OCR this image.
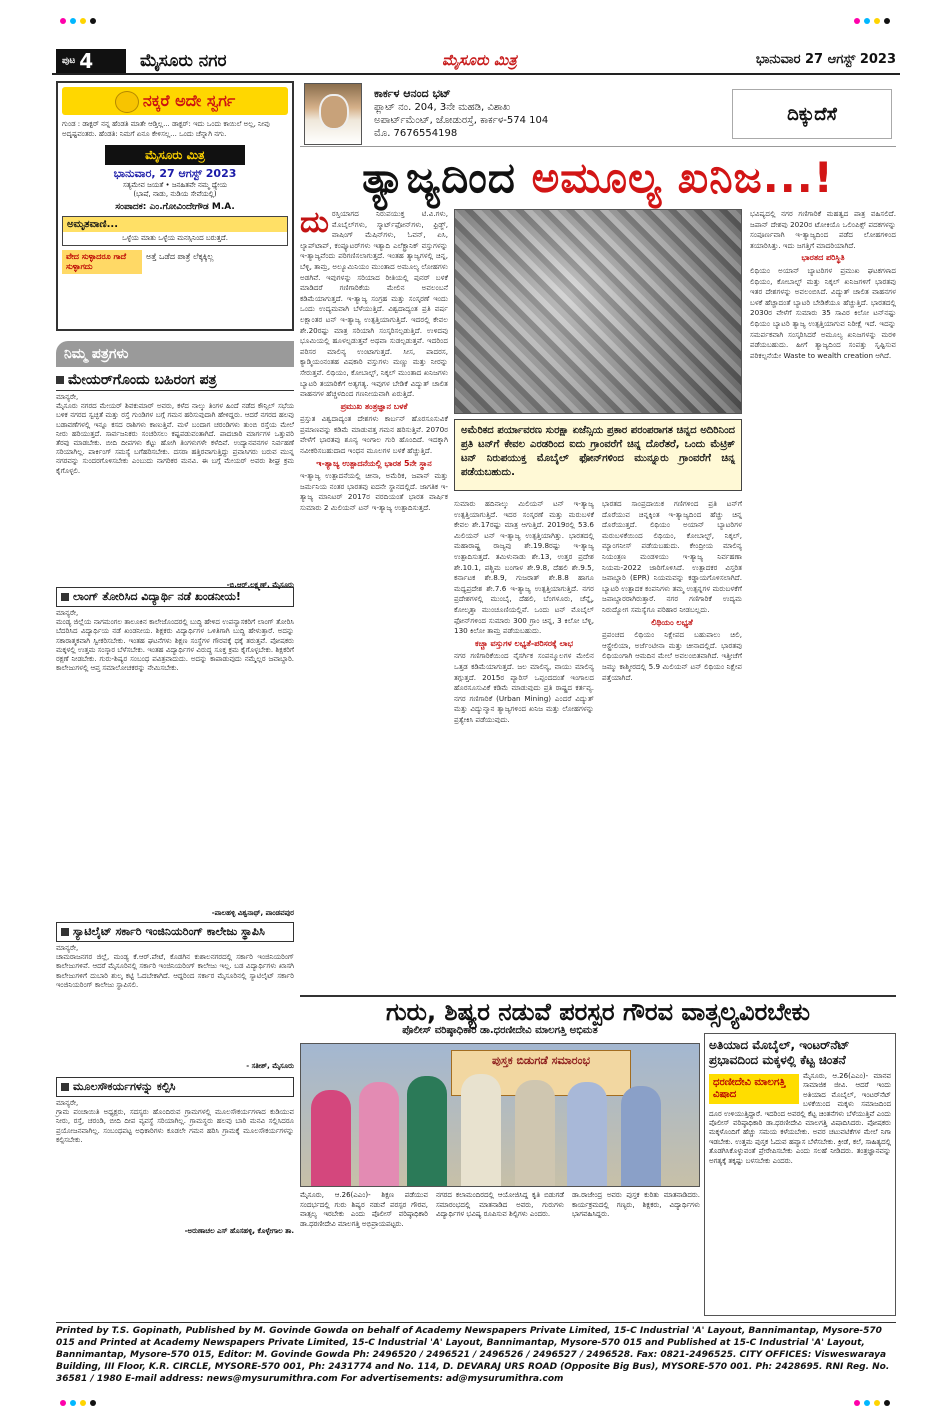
$^{ಪುಟ}$ 4	ಮೈಸೂರು ನಗರ	ಮೈಸೂರು ಮಿತ್ರ	ಭಾನುವಾರ 27 ಆಗಸ್ಟ್ 2023
ನಕ್ಕರೆ ಅದೇ ಸ್ವರ್ಗ
ಗುಂಡ : ಡಾಕ್ಟರ್ ನನ್ನ ಹೆಂಡತಿ ಮಾತೇ ಆಡ್ತಿಲ್ಲ... ಡಾಕ್ಟರ್: ಇದು ಒಂದು ಕಾಯಿಲೆ ಅಲ್ಲ, ನೀವು ಅದೃಷ್ಟವಂತರು. ಹೆಂಡತಿ: ನಿಮಗೆ ಏನೂ ಕೇಳಿಸಲ್ಲ... ಒಂದು ಚೆನ್ನಾಗಿ ನಗು.
ಮೈಸೂರು ಮಿತ್ರ
ಭಾನುವಾರ, 27 ಆಗಸ್ಟ್ 2023
ಸತ್ಯಮೇವ ಜಯತೆ • ಜನಹಿತವೇ ನಮ್ಮ ಧ್ಯೇಯ
(ಭಾಷೆ, ನಾಡು, ನುಡಿಯ ಸೇವೆಯಲ್ಲಿ)
ಸಂಪಾದಕ: ಎಂ.ಗೋವಿಂದೇಗೌಡ M.A.
ಅಮೃತವಾಣಿ...
ಒಳ್ಳೆಯ ಮಾತು ಒಳ್ಳೆಯ ಮನಸ್ಸಿನಿಂದ ಬರುತ್ತದೆ.
ವೇದ ಸುಳ್ಳಾದರೂ ಗಾದೆ ಸುಳ್ಳಾಗದು
ಅತ್ತೆ ಒಡೆದ ಪಾತ್ರೆ ಲೆಕ್ಕಕ್ಕಿಲ್ಲ
ನಿಮ್ಮ ಪತ್ರಗಳು
ಮೇಯರ್‌ಗೊಂದು ಬಹಿರಂಗ ಪತ್ರ
ಮಾನ್ಯರೇ,
ಮೈಸೂರು ನಗರದ ಮೇಯರ್ ಶಿವಕುಮಾರ್ ಅವರು, ಕಳೆದ ನಾಲ್ಕು ತಿಂಗಳ ಹಿಂದೆ ನಡೆದ ಕೌನ್ಸಿಲ್ ಸಭೆಯ ಬಳಿಕ ನಗರದ ಸ್ವಚ್ಛತೆ ಮತ್ತು ರಸ್ತೆ ಗುಂಡಿಗಳ ಬಗ್ಗೆ ಗಮನ ಹರಿಸುವುದಾಗಿ ಹೇಳಿದ್ದರು. ಆದರೆ ನಗರದ ಹಲವು ಬಡಾವಣೆಗಳಲ್ಲಿ ಇನ್ನೂ ಕಸದ ರಾಶಿಗಳು ಕಾಣುತ್ತಿವೆ. ಮಳೆ ಬಂದಾಗ ಚರಂಡಿಗಳು ತುಂಬಿ ರಸ್ತೆಯ ಮೇಲೆ ನೀರು ಹರಿಯುತ್ತದೆ. ಸಾರ್ವಜನಿಕರು ಸಂಚರಿಸಲು ಕಷ್ಟಪಡುವಂತಾಗಿದೆ. ಪಾದಚಾರಿ ಮಾರ್ಗಗಳ ಒತ್ತುವರಿ ತೆರವು ಮಾಡಬೇಕು. ಬೀದಿ ದೀಪಗಳು ಕೆಟ್ಟು ಹೋಗಿ ತಿಂಗಳುಗಳೇ ಕಳೆದಿವೆ. ಉದ್ಯಾನವನಗಳ ನಿರ್ವಹಣೆ ಸರಿಯಾಗಿಲ್ಲ. ಪಾರ್ಕಿಂಗ್ ಸಮಸ್ಯೆ ಬಗೆಹರಿಸಬೇಕು. ದಸರಾ ಹತ್ತಿರವಾಗುತ್ತಿದ್ದು ಪ್ರವಾಸಿಗರು ಬರುವ ಮುನ್ನ ನಗರವನ್ನು ಸುಂದರಗೊಳಿಸಬೇಕು ಎಂಬುದು ನಾಗರಿಕರ ಮನವಿ. ಈ ಬಗ್ಗೆ ಮೇಯರ್ ಅವರು ಶೀಘ್ರ ಕ್ರಮ ಕೈಗೊಳ್ಳಲಿ.
-ಬಿ.ಆರ್.ಲಕ್ಷ್ಮಣ್, ಮೈಸೂರು
ಲಾಂಗ್ ತೋರಿಸಿದ ವಿದ್ಯಾರ್ಥಿ ನಡೆ ಖಂಡನೀಯ!
ಮಾನ್ಯರೇ,
ಮಂಡ್ಯ ಜಿಲ್ಲೆಯ ನಾಗಮಂಗಲ ತಾಲೂಕಿನ ಕಾಲೇಜೊಂದರಲ್ಲಿ ಬುದ್ಧಿ ಹೇಳಿದ ಉಪನ್ಯಾಸಕರಿಗೆ ಲಾಂಗ್ ತೋರಿಸಿ ಬೆದರಿಸಿದ ವಿದ್ಯಾರ್ಥಿಯ ನಡೆ ಖಂಡನೀಯ. ಶಿಕ್ಷಕರು ವಿದ್ಯಾರ್ಥಿಗಳ ಒಳಿತಿಗಾಗಿ ಬುದ್ಧಿ ಹೇಳುತ್ತಾರೆ. ಅದನ್ನು ಸಕಾರಾತ್ಮಕವಾಗಿ ಸ್ವೀಕರಿಸಬೇಕು. ಇಂತಹ ಘಟನೆಗಳು ಶಿಕ್ಷಣ ಸಂಸ್ಥೆಗಳ ಗೌರವಕ್ಕೆ ಧಕ್ಕೆ ತರುತ್ತವೆ. ಪೋಷಕರು ಮಕ್ಕಳಲ್ಲಿ ಉತ್ತಮ ಸಂಸ್ಕಾರ ಬೆಳೆಸಬೇಕು. ಇಂತಹ ವಿದ್ಯಾರ್ಥಿಗಳ ವಿರುದ್ಧ ಸೂಕ್ತ ಕ್ರಮ ಕೈಗೊಳ್ಳಬೇಕು. ಶಿಕ್ಷಕರಿಗೆ ರಕ್ಷಣೆ ನೀಡಬೇಕು. ಗುರು-ಶಿಷ್ಯರ ಸಂಬಂಧ ಪವಿತ್ರವಾದುದು. ಅದನ್ನು ಕಾಪಾಡುವುದು ನಮ್ಮೆಲ್ಲರ ಜವಾಬ್ದಾರಿ. ಕಾಲೇಜುಗಳಲ್ಲಿ ಆಪ್ತ ಸಮಾಲೋಚಕರನ್ನು ನೇಮಿಸಬೇಕು.
-ಪಾಲಹಳ್ಳಿ ವಿಶ್ವನಾಥ್, ಪಾಂಡವಪುರ
ಸ್ಯಾಟಿಲೈಟ್ ಸರ್ಕಾರಿ ಇಂಜಿನಿಯರಿಂಗ್ ಕಾಲೇಜು ಸ್ಥಾಪಿಸಿ
ಮಾನ್ಯರೇ,
ಚಾಮರಾಜನಗರ ಜಿಲ್ಲೆ, ಮಂಡ್ಯ ಕೆ.ಆರ್.ಪೇಟೆ, ಕೊಡಗಿನ ಕುಶಾಲನಗರದಲ್ಲಿ ಸರ್ಕಾರಿ ಇಂಜಿನಿಯರಿಂಗ್ ಕಾಲೇಜುಗಳಿವೆ. ಆದರೆ ಮೈಸೂರಿನಲ್ಲಿ ಸರ್ಕಾರಿ ಇಂಜಿನಿಯರಿಂಗ್ ಕಾಲೇಜು ಇಲ್ಲ. ಬಡ ವಿದ್ಯಾರ್ಥಿಗಳು ಖಾಸಗಿ ಕಾಲೇಜುಗಳಿಗೆ ದುಬಾರಿ ಶುಲ್ಕ ಕಟ್ಟಿ ಓದಬೇಕಾಗಿದೆ. ಆದ್ದರಿಂದ ಸರ್ಕಾರ ಮೈಸೂರಿನಲ್ಲಿ ಸ್ಯಾಟಿಲೈಟ್ ಸರ್ಕಾರಿ ಇಂಜಿನಿಯರಿಂಗ್ ಕಾಲೇಜು ಸ್ಥಾಪಿಸಲಿ.
- ಸತೀಶ್, ಮೈಸೂರು
ಮೂಲಸೌಕರ್ಯಗಳನ್ನು ಕಲ್ಪಿಸಿ
ಮಾನ್ಯರೇ,
ಗ್ರಾಮ ಪಂಚಾಯಿತಿ ಅಧ್ಯಕ್ಷರು, ಸದಸ್ಯರು ಹೊಂದಿರುವ ಗ್ರಾಮಗಳಲ್ಲಿ ಮೂಲಸೌಕರ್ಯಗಳಾದ ಕುಡಿಯುವ ನೀರು, ರಸ್ತೆ, ಚರಂಡಿ, ಬೀದಿ ದೀಪ ವ್ಯವಸ್ಥೆ ಸರಿಯಾಗಿಲ್ಲ. ಗ್ರಾಮಸ್ಥರು ಹಲವು ಬಾರಿ ಮನವಿ ಸಲ್ಲಿಸಿದರೂ ಪ್ರಯೋಜನವಾಗಿಲ್ಲ. ಸಂಬಂಧಪಟ್ಟ ಅಧಿಕಾರಿಗಳು ಕೂಡಲೇ ಗಮನ ಹರಿಸಿ ಗ್ರಾಮಕ್ಕೆ ಮೂಲಸೌಕರ್ಯಗಳನ್ನು ಕಲ್ಪಿಸಬೇಕು.
-ಅರುಣಾಚಲ ಎಸ್ ಹೊಸಹಳ್ಳಿ, ಕೊಳ್ಳೇಗಾಲ ತಾ.
ಕಾರ್ಕಳ ಆನಂದ ಭಟ್
ಫ್ಲಾಟ್ ನಂ. 204, 3ನೇ ಮಹಡಿ, ವಿಶಾಖ
ಅಪಾರ್ಟ್‌ಮೆಂಟ್, ಜೋಡುರಸ್ತೆ, ಕಾರ್ಕಳ-574 104
ಮೊ. 7676554198
ದಿಕ್ಕುದೆಸೆ
ತ್ಯಾಜ್ಯದಿಂದ ಅಮೂಲ್ಯ ಖನಿಜ...!
ದು ರಸ್ತಿಯಾಗದ ನಿರುಪಯುಕ್ತ ಟಿ.ವಿ.ಗಳು, ಮೊಬೈಲ್‌ಗಳು, ಸ್ಮಾರ್ಟ್‌ಫೋನ್‌ಗಳು, ಫ್ರಿಡ್ಜ್, ವಾಷಿಂಗ್ ಮೆಷಿನ್‌ಗಳು, ಓವನ್, ಏಸಿ, ಲ್ಯಾಪ್‌ಟಾಪ್, ಕಂಪ್ಯೂಟರ್‌ಗಳು ಇತ್ಯಾದಿ ಎಲೆಕ್ಟ್ರಾನಿಕ್ ವಸ್ತುಗಳನ್ನು ಇ-ತ್ಯಾಜ್ಯವೆಂದು ಪರಿಗಣಿಸಲಾಗುತ್ತದೆ. ಇಂತಹ ತ್ಯಾಜ್ಯಗಳಲ್ಲಿ ಚಿನ್ನ, ಬೆಳ್ಳಿ, ತಾಮ್ರ, ಅಲ್ಯೂಮಿನಿಯಂ ಮುಂತಾದ ಅಮೂಲ್ಯ ಲೋಹಗಳು ಅಡಗಿವೆ. ಇವುಗಳನ್ನು ಸರಿಯಾದ ರೀತಿಯಲ್ಲಿ ಪುನರ್ ಬಳಕೆ ಮಾಡಿದರೆ ಗಣಿಗಾರಿಕೆಯ ಮೇಲಿನ ಅವಲಂಬನೆ ಕಡಿಮೆಯಾಗುತ್ತದೆ. ಇ-ತ್ಯಾಜ್ಯ ಸಂಗ್ರಹ ಮತ್ತು ಸಂಸ್ಕರಣೆ ಇಂದು ಒಂದು ಉದ್ಯಮವಾಗಿ ಬೆಳೆಯುತ್ತಿದೆ. ವಿಶ್ವದಾದ್ಯಂತ ಪ್ರತಿ ವರ್ಷ ಲಕ್ಷಾಂತರ ಟನ್ ಇ-ತ್ಯಾಜ್ಯ ಉತ್ಪತ್ತಿಯಾಗುತ್ತಿದೆ. ಇದರಲ್ಲಿ ಕೇವಲ ಶೇ.20ರಷ್ಟು ಮಾತ್ರ ಸರಿಯಾಗಿ ಸಂಸ್ಕರಿಸಲ್ಪಡುತ್ತಿದೆ. ಉಳಿದವು ಭೂಮಿಯಲ್ಲಿ ಹೂಳಲ್ಪಡುತ್ತವೆ ಅಥವಾ ಸುಡಲ್ಪಡುತ್ತವೆ. ಇದರಿಂದ ಪರಿಸರ ಮಾಲಿನ್ಯ ಉಂಟಾಗುತ್ತದೆ. ಸೀಸ, ಪಾದರಸ, ಕ್ಯಾಡ್ಮಿಯಂನಂತಹ ವಿಷಕಾರಿ ವಸ್ತುಗಳು ಮಣ್ಣು ಮತ್ತು ನೀರನ್ನು ಸೇರುತ್ತವೆ. ಲಿಥಿಯಂ, ಕೋಬಾಲ್ಟ್, ನಿಕ್ಕಲ್ ಮುಂತಾದ ಖನಿಜಗಳು ಬ್ಯಾಟರಿ ತಯಾರಿಕೆಗೆ ಅತ್ಯಗತ್ಯ. ಇವುಗಳ ಬೇಡಿಕೆ ವಿದ್ಯುತ್ ಚಾಲಿತ ವಾಹನಗಳ ಹೆಚ್ಚಳದಿಂದ ಗಣನೀಯವಾಗಿ ಏರುತ್ತಿದೆ.

ಪ್ರಮುಖ ತಂತ್ರಜ್ಞಾನ ಬಳಕೆ

ಪ್ರಸ್ತುತ ವಿಶ್ವದಾದ್ಯಂತ ದೇಶಗಳು ಕಾರ್ಬನ್ ಹೊರಸೂಸುವಿಕೆ ಪ್ರಮಾಣವನ್ನು ಕಡಿಮೆ ಮಾಡುವತ್ತ ಗಮನ ಹರಿಸುತ್ತಿವೆ. 2070ರ ವೇಳೆಗೆ ಭಾರತವು ಶೂನ್ಯ ಇಂಗಾಲ ಗುರಿ ಹೊಂದಿದೆ. ಇದಕ್ಕಾಗಿ ನವೀಕರಿಸಬಹುದಾದ ಇಂಧನ ಮೂಲಗಳ ಬಳಕೆ ಹೆಚ್ಚುತ್ತಿದೆ.

ಇ-ತ್ಯಾಜ್ಯ ಉತ್ಪಾದನೆಯಲ್ಲಿ ಭಾರತ 5ನೇ ಸ್ಥಾನ

ಇ-ತ್ಯಾಜ್ಯ ಉತ್ಪಾದನೆಯಲ್ಲಿ ಚೀನಾ, ಅಮೆರಿಕ, ಜಪಾನ್ ಮತ್ತು ಜರ್ಮನಿಯ ನಂತರ ಭಾರತವು ಐದನೇ ಸ್ಥಾನದಲ್ಲಿದೆ. ಜಾಗತಿಕ ಇ-ತ್ಯಾಜ್ಯ ಮಾನಿಟರ್ 2017ರ ವರದಿಯಂತೆ ಭಾರತ ವಾರ್ಷಿಕ ಸುಮಾರು 2 ಮಿಲಿಯನ್ ಟನ್ ಇ-ತ್ಯಾಜ್ಯ ಉತ್ಪಾದಿಸುತ್ತದೆ.

ಅಮೆರಿಕದ ಪರ್ಯಾವರಣ ಸುರಕ್ಷಾ ಏಜೆನ್ಸಿಯ ಪ್ರಕಾರ ಪರಂಪರಾಗತ ಚಿನ್ನದ ಅದಿರಿನಿಂದ ಪ್ರತಿ ಟನ್‌ಗೆ ಕೇವಲ ಎರಡರಿಂದ ಐದು ಗ್ರಾಂವರೆಗೆ ಚಿನ್ನ ದೊರೆತರೆ, ಒಂದು ಮೆಟ್ರಿಕ್ ಟನ್ ನಿರುಪಯುಕ್ತ ಮೊಬೈಲ್ ಫೋನ್‌ಗಳಿಂದ ಮುನ್ನೂರು ಗ್ರಾಂವರೆಗೆ ಚಿನ್ನ ಪಡೆಯಬಹುದು.

ಸುಮಾರು ಹದಿನಾಲ್ಕು ಮಿಲಿಯನ್ ಟನ್ ಇ-ತ್ಯಾಜ್ಯ ಉತ್ಪತ್ತಿಯಾಗುತ್ತಿದೆ. ಇದರ ಸಂಸ್ಕರಣೆ ಮತ್ತು ಮರುಬಳಕೆ ಕೇವಲ ಶೇ.17ರಷ್ಟು ಮಾತ್ರ ಆಗುತ್ತಿದೆ. 2019ರಲ್ಲಿ 53.6 ಮಿಲಿಯನ್ ಟನ್ ಇ-ತ್ಯಾಜ್ಯ ಉತ್ಪತ್ತಿಯಾಗಿತ್ತು. ಭಾರತದಲ್ಲಿ ಮಹಾರಾಷ್ಟ್ರ ರಾಜ್ಯವು ಶೇ.19.8ರಷ್ಟು ಇ-ತ್ಯಾಜ್ಯ ಉತ್ಪಾದಿಸುತ್ತದೆ. ತಮಿಳುನಾಡು ಶೇ.13, ಉತ್ತರ ಪ್ರದೇಶ ಶೇ.10.1, ಪಶ್ಚಿಮ ಬಂಗಾಳ ಶೇ.9.8, ದೆಹಲಿ ಶೇ.9.5, ಕರ್ನಾಟಕ ಶೇ.8.9, ಗುಜರಾತ್ ಶೇ.8.8 ಹಾಗೂ ಮಧ್ಯಪ್ರದೇಶ ಶೇ.7.6 ಇ-ತ್ಯಾಜ್ಯ ಉತ್ಪತ್ತಿಯಾಗುತ್ತಿದೆ. ನಗರ ಪ್ರದೇಶಗಳಲ್ಲಿ ಮುಂಬೈ, ದೆಹಲಿ, ಬೆಂಗಳೂರು, ಚೆನ್ನೈ, ಕೋಲ್ಕತ್ತಾ ಮುಂಚೂಣಿಯಲ್ಲಿವೆ. ಒಂದು ಟನ್ ಮೊಬೈಲ್ ಫೋನ್‌ಗಳಿಂದ ಸುಮಾರು 300 ಗ್ರಾಂ ಚಿನ್ನ, 3 ಕಿಲೋ ಬೆಳ್ಳಿ, 130 ಕಿಲೋ ತಾಮ್ರ ಪಡೆಯಬಹುದು.

ಕಚ್ಚಾ ವಸ್ತುಗಳ ಲಭ್ಯತೆ-ಪರಿಸರಕ್ಕೆ ಲಾಭ

ನಗರ ಗಣಿಗಾರಿಕೆಯಿಂದ ನೈಸರ್ಗಿಕ ಸಂಪನ್ಮೂಲಗಳ ಮೇಲಿನ ಒತ್ತಡ ಕಡಿಮೆಯಾಗುತ್ತದೆ. ಜಲ ಮಾಲಿನ್ಯ, ವಾಯು ಮಾಲಿನ್ಯ ತಗ್ಗುತ್ತದೆ. 2015ರ ಪ್ಯಾರಿಸ್ ಒಪ್ಪಂದದಂತೆ ಇಂಗಾಲದ ಹೊರಸೂಸುವಿಕೆ ಕಡಿಮೆ ಮಾಡುವುದು ಪ್ರತಿ ರಾಷ್ಟ್ರದ ಕರ್ತವ್ಯ. ನಗರ ಗಣಿಗಾರಿಕೆ (Urban Mining) ಎಂದರೆ ವಿದ್ಯುತ್ ಮತ್ತು ವಿದ್ಯುನ್ಮಾನ ತ್ಯಾಜ್ಯಗಳಿಂದ ಖನಿಜ ಮತ್ತು ಲೋಹಗಳನ್ನು ಪ್ರತ್ಯೇಕಿಸಿ ಪಡೆಯುವುದು.

ಭಾರತದ ಸಾಂಪ್ರದಾಯಿಕ ಗಣಿಗಳಿಂದ ಪ್ರತಿ ಟನ್‌ಗೆ ದೊರೆಯುವ ಚಿನ್ನಕ್ಕಿಂತ ಇ-ತ್ಯಾಜ್ಯದಿಂದ ಹೆಚ್ಚು ಚಿನ್ನ ದೊರೆಯುತ್ತದೆ. ಲಿಥಿಯಂ ಅಯಾನ್ ಬ್ಯಾಟರಿಗಳ ಮರುಬಳಕೆಯಿಂದ ಲಿಥಿಯಂ, ಕೋಬಾಲ್ಟ್, ನಿಕ್ಕಲ್, ಮ್ಯಾಂಗನೀಸ್ ಪಡೆಯಬಹುದು. ಕೇಂದ್ರೀಯ ಮಾಲಿನ್ಯ ನಿಯಂತ್ರಣ ಮಂಡಳಿಯು ಇ-ತ್ಯಾಜ್ಯ ನಿರ್ವಹಣಾ ನಿಯಮ-2022 ಜಾರಿಗೊಳಿಸಿದೆ. ಉತ್ಪಾದಕರ ವಿಸ್ತರಿತ ಜವಾಬ್ದಾರಿ (EPR) ನಿಯಮವನ್ನು ಕಡ್ಡಾಯಗೊಳಿಸಲಾಗಿದೆ. ಬ್ಯಾಟರಿ ಉತ್ಪಾದಕ ಕಂಪನಿಗಳು ತಮ್ಮ ಉತ್ಪನ್ನಗಳ ಮರುಬಳಕೆಗೆ ಜವಾಬ್ದಾರರಾಗಿರುತ್ತಾರೆ. ನಗರ ಗಣಿಗಾರಿಕೆ ಉದ್ಯಮ ನಿರುದ್ಯೋಗ ಸಮಸ್ಯೆಗೂ ಪರಿಹಾರ ನೀಡಬಲ್ಲದು.

ಲಿಥಿಯಂ ಲಭ್ಯತೆ

ಪ್ರಪಂಚದ ಲಿಥಿಯಂ ನಿಕ್ಷೇಪದ ಬಹುಪಾಲು ಚಿಲಿ, ಆಸ್ಟ್ರೇಲಿಯಾ, ಅರ್ಜೆಂಟೀನಾ ಮತ್ತು ಚೀನಾದಲ್ಲಿದೆ. ಭಾರತವು ಲಿಥಿಯಂಗಾಗಿ ಆಮದಿನ ಮೇಲೆ ಅವಲಂಬಿತವಾಗಿದೆ. ಇತ್ತೀಚೆಗೆ ಜಮ್ಮು ಕಾಶ್ಮೀರದಲ್ಲಿ 5.9 ಮಿಲಿಯನ್ ಟನ್ ಲಿಥಿಯಂ ನಿಕ್ಷೇಪ ಪತ್ತೆಯಾಗಿದೆ.

ಭವಿಷ್ಯದಲ್ಲಿ ನಗರ ಗಣಿಗಾರಿಕೆ ಮಹತ್ವದ ಪಾತ್ರ ವಹಿಸಲಿದೆ. ಜಪಾನ್ ದೇಶವು 2020ರ ಟೋಕಿಯೊ ಒಲಿಂಪಿಕ್ಸ್ ಪದಕಗಳನ್ನು ಸಂಪೂರ್ಣವಾಗಿ ಇ-ತ್ಯಾಜ್ಯದಿಂದ ಪಡೆದ ಲೋಹಗಳಿಂದ ತಯಾರಿಸಿತ್ತು. ಇದು ಜಗತ್ತಿಗೆ ಮಾದರಿಯಾಗಿದೆ.

ಭಾರತದ ಪರಿಸ್ಥಿತಿ

ಲಿಥಿಯಂ ಅಯಾನ್ ಬ್ಯಾಟರಿಗಳ ಪ್ರಮುಖ ಘಟಕಗಳಾದ ಲಿಥಿಯಂ, ಕೋಬಾಲ್ಟ್ ಮತ್ತು ನಿಕ್ಕಲ್ ಖನಿಜಗಳಿಗೆ ಭಾರತವು ಇತರ ದೇಶಗಳನ್ನು ಅವಲಂಬಿಸಿದೆ. ವಿದ್ಯುತ್ ಚಾಲಿತ ವಾಹನಗಳ ಬಳಕೆ ಹೆಚ್ಚಾದಂತೆ ಬ್ಯಾಟರಿ ಬೇಡಿಕೆಯೂ ಹೆಚ್ಚುತ್ತಿದೆ. ಭಾರತದಲ್ಲಿ 2030ರ ವೇಳೆಗೆ ಸುಮಾರು 35 ಸಾವಿರ ಕಿಲೋ ಟನ್‌ನಷ್ಟು ಲಿಥಿಯಂ ಬ್ಯಾಟರಿ ತ್ಯಾಜ್ಯ ಉತ್ಪತ್ತಿಯಾಗುವ ನಿರೀಕ್ಷೆ ಇದೆ. ಇದನ್ನು ಸಮರ್ಪಕವಾಗಿ ಸಂಸ್ಕರಿಸಿದರೆ ಅಮೂಲ್ಯ ಖನಿಜಗಳನ್ನು ಮರಳಿ ಪಡೆಯಬಹುದು. ಹೀಗೆ ತ್ಯಾಜ್ಯದಿಂದ ಸಂಪತ್ತು ಸೃಷ್ಟಿಸುವ ಪರಿಕಲ್ಪನೆಯೇ Waste to wealth creation ಆಗಿದೆ.

ಗುರು, ಶಿಷ್ಯರ ನಡುವೆ ಪರಸ್ಪರ ಗೌರವ ವಾತ್ಸಲ್ಯವಿರಬೇಕು
ಪೊಲೀಸ್ ವರಿಷ್ಠಾಧಿಕಾರಿ ಡಾ.ಧರಣೀದೇವಿ ಮಾಲಗತ್ತಿ ಅಭಿಮತ
ಪುಸ್ತಕ ಬಿಡುಗಡೆ ಸಮಾರಂಭ
ಮೈಸೂರು, ಆ.26(ಎಎಂ)- ಶಿಕ್ಷಣ ಪಡೆಯುವ ಸಂದರ್ಭದಲ್ಲಿ ಗುರು ಶಿಷ್ಯರ ನಡುವೆ ಪರಸ್ಪರ ಗೌರವ, ವಾತ್ಸಲ್ಯ ಇರಬೇಕು ಎಂದು ಪೊಲೀಸ್ ವರಿಷ್ಠಾಧಿಕಾರಿ ಡಾ.ಧರಣೀದೇವಿ ಮಾಲಗತ್ತಿ ಅಭಿಪ್ರಾಯಪಟ್ಟರು.
ನಗರದ ಕಲಾಮಂದಿರದಲ್ಲಿ ಆಯೋಜಿಸಿದ್ದ ಕೃತಿ ಬಿಡುಗಡೆ ಸಮಾರಂಭದಲ್ಲಿ ಮಾತನಾಡಿದ ಅವರು, ಗುರುಗಳು ವಿದ್ಯಾರ್ಥಿಗಳ ಭವಿಷ್ಯ ರೂಪಿಸುವ ಶಿಲ್ಪಿಗಳು ಎಂದರು.
ಡಾ.ರಾಜೇಂದ್ರ ಅವರು ಪುಸ್ತಕ ಕುರಿತು ಮಾತನಾಡಿದರು. ಕಾರ್ಯಕ್ರಮದಲ್ಲಿ ಗಣ್ಯರು, ಶಿಕ್ಷಕರು, ವಿದ್ಯಾರ್ಥಿಗಳು ಭಾಗವಹಿಸಿದ್ದರು.
ಅತಿಯಾದ ಮೊಬೈಲ್, ಇಂಟರ್‌ನೆಟ್ ಪ್ರಭಾವದಿಂದ ಮಕ್ಕಳಲ್ಲಿ ಕೆಟ್ಟ ಚಿಂತನೆ
ಧರಣೀದೇವಿ ಮಾಲಗತ್ತಿ ವಿಷಾದ
ಮೈಸೂರು, ಆ.26(ಎಎಂ)- ಮಾನವ ಸಾಮಾಜಿಕ ಜೀವಿ. ಆದರೆ ಇಂದು ಅತಿಯಾದ ಮೊಬೈಲ್, ಇಂಟರ್‌ನೆಟ್ ಬಳಕೆಯಿಂದ ಮಕ್ಕಳು ಸಮಾಜದಿಂದ ದೂರ ಉಳಿಯುತ್ತಿದ್ದಾರೆ. ಇದರಿಂದ ಅವರಲ್ಲಿ ಕೆಟ್ಟ ಚಿಂತನೆಗಳು ಬೆಳೆಯುತ್ತಿವೆ ಎಂದು ಪೊಲೀಸ್ ವರಿಷ್ಠಾಧಿಕಾರಿ ಡಾ.ಧರಣೀದೇವಿ ಮಾಲಗತ್ತಿ ವಿಷಾದಿಸಿದರು. ಪೋಷಕರು ಮಕ್ಕಳೊಂದಿಗೆ ಹೆಚ್ಚು ಸಮಯ ಕಳೆಯಬೇಕು. ಅವರ ಚಟುವಟಿಕೆಗಳ ಮೇಲೆ ನಿಗಾ ಇಡಬೇಕು. ಉತ್ತಮ ಪುಸ್ತಕ ಓದುವ ಹವ್ಯಾಸ ಬೆಳೆಸಬೇಕು. ಕ್ರೀಡೆ, ಕಲೆ, ಸಾಹಿತ್ಯದಲ್ಲಿ ತೊಡಗಿಸಿಕೊಳ್ಳುವಂತೆ ಪ್ರೇರೇಪಿಸಬೇಕು ಎಂದು ಸಲಹೆ ನೀಡಿದರು. ತಂತ್ರಜ್ಞಾನವನ್ನು ಅಗತ್ಯಕ್ಕೆ ತಕ್ಕಷ್ಟು ಬಳಸಬೇಕು ಎಂದರು.
Printed by T.S. Gopinath, Published by M. Govinde Gowda on behalf of Academy Newspapers Private Limited, 15-C Industrial 'A' Layout, Bannimantap, Mysore-570 015 and Printed at Academy Newspapers Private Limited, 15-C Industrial 'A' Layout, Bannimantap, Mysore-570 015 and Published at 15-C Industrial 'A' Layout, Bannimantap, Mysore-570 015, Editor: M. Govinde Gowda Ph: 2496520 / 2496521 / 2496526 / 2496527 / 2496528. Fax: 0821-2496525. CITY OFFICES: Visweswaraya Building, III Floor, K.R. CIRCLE, MYSORE-570 001, Ph: 2431774 and No. 114, D. DEVARAJ URS ROAD (Opposite Big Bus), MYSORE-570 001. Ph: 2428695. RNI Reg. No. 36581 / 1980 E-mail address: news@mysurumithra.com For advertisements: ad@mysurumithra.com
